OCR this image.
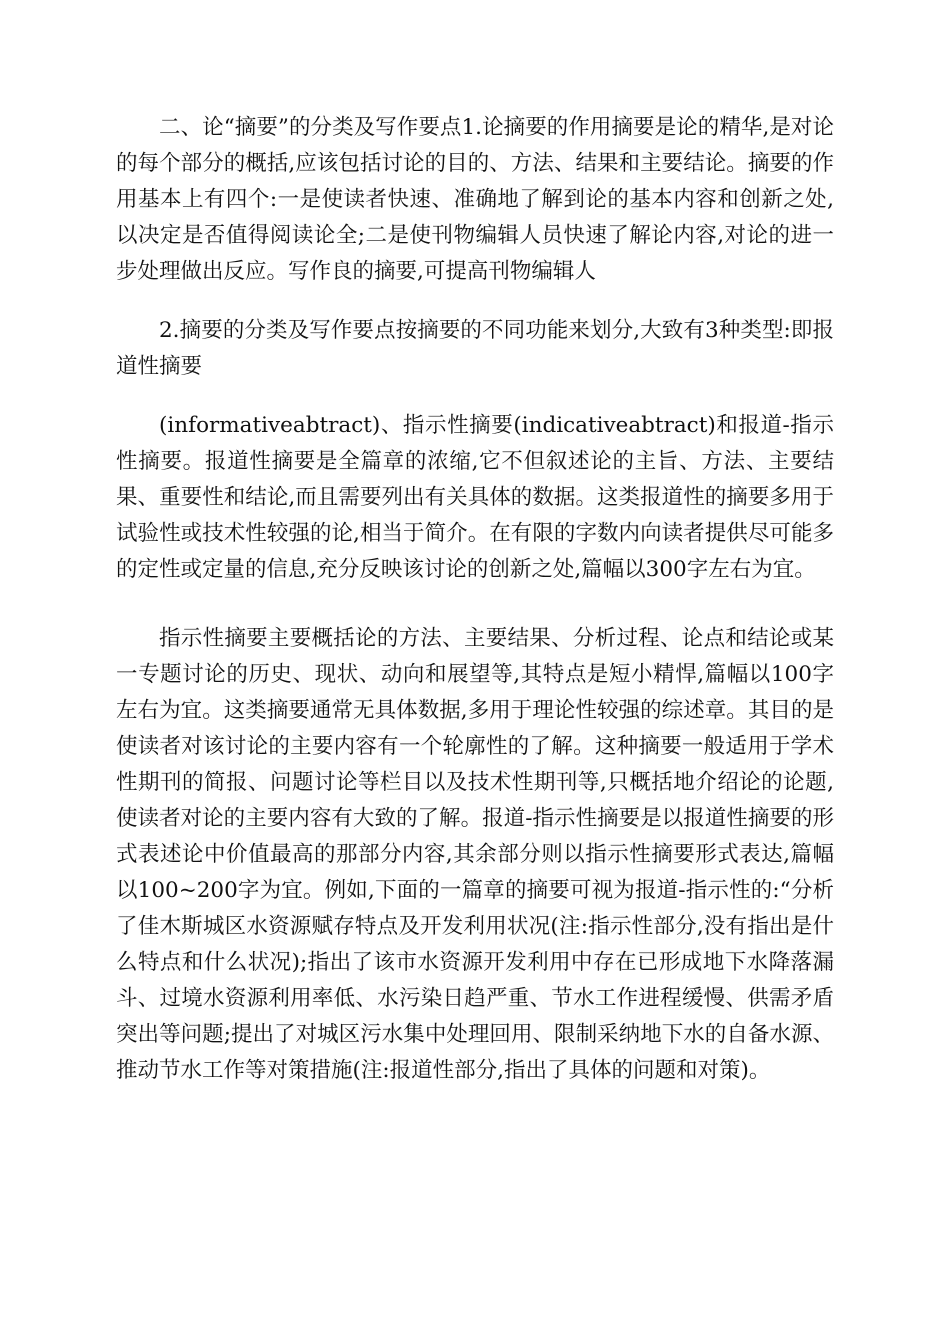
二、论“摘要”的分类及写作要点1.论摘要的作用摘要是论的精华,是对论的每个部分的概括,应该包括讨论的目的、方法、结果和主要结论。摘要的作用基本上有四个:一是使读者快速、准确地了解到论的基本内容和创新之处,以决定是否值得阅读论全;二是使刊物编辑人员快速了解论内容,对论的进一步处理做出反应。写作良的摘要,可提高刊物编辑人

2.摘要的分类及写作要点按摘要的不同功能来划分,大致有3种类型:即报道性摘要

(informativeabtract)、指示性摘要(indicativeabtract)和报道-指示性摘要。报道性摘要是全篇章的浓缩,它不但叙述论的主旨、方法、主要结果、重要性和结论,而且需要列出有关具体的数据。这类报道性的摘要多用于试验性或技术性较强的论,相当于简介。在有限的字数内向读者提供尽可能多的定性或定量的信息,充分反映该讨论的创新之处,篇幅以300字左右为宜。

指示性摘要主要概括论的方法、主要结果、分析过程、论点和结论或某一专题讨论的历史、现状、动向和展望等,其特点是短小精悍,篇幅以100字左右为宜。这类摘要通常无具体数据,多用于理论性较强的综述章。其目的是使读者对该讨论的主要内容有一个轮廓性的了解。这种摘要一般适用于学术性期刊的简报、问题讨论等栏目以及技术性期刊等,只概括地介绍论的论题,使读者对论的主要内容有大致的了解。报道-指示性摘要是以报道性摘要的形式表述论中价值最高的那部分内容,其余部分则以指示性摘要形式表达,篇幅以100~200字为宜。例如,下面的一篇章的摘要可视为报道-指示性的:“分析了佳木斯城区水资源赋存特点及开发利用状况(注:指示性部分,没有指出是什么特点和什么状况);指出了该市水资源开发利用中存在已形成地下水降落漏斗、过境水资源利用率低、水污染日趋严重、节水工作进程缓慢、供需矛盾突出等问题;提出了对城区污水集中处理回用、限制采纳地下水的自备水源、推动节水工作等对策措施(注:报道性部分,指出了具体的问题和对策)。
